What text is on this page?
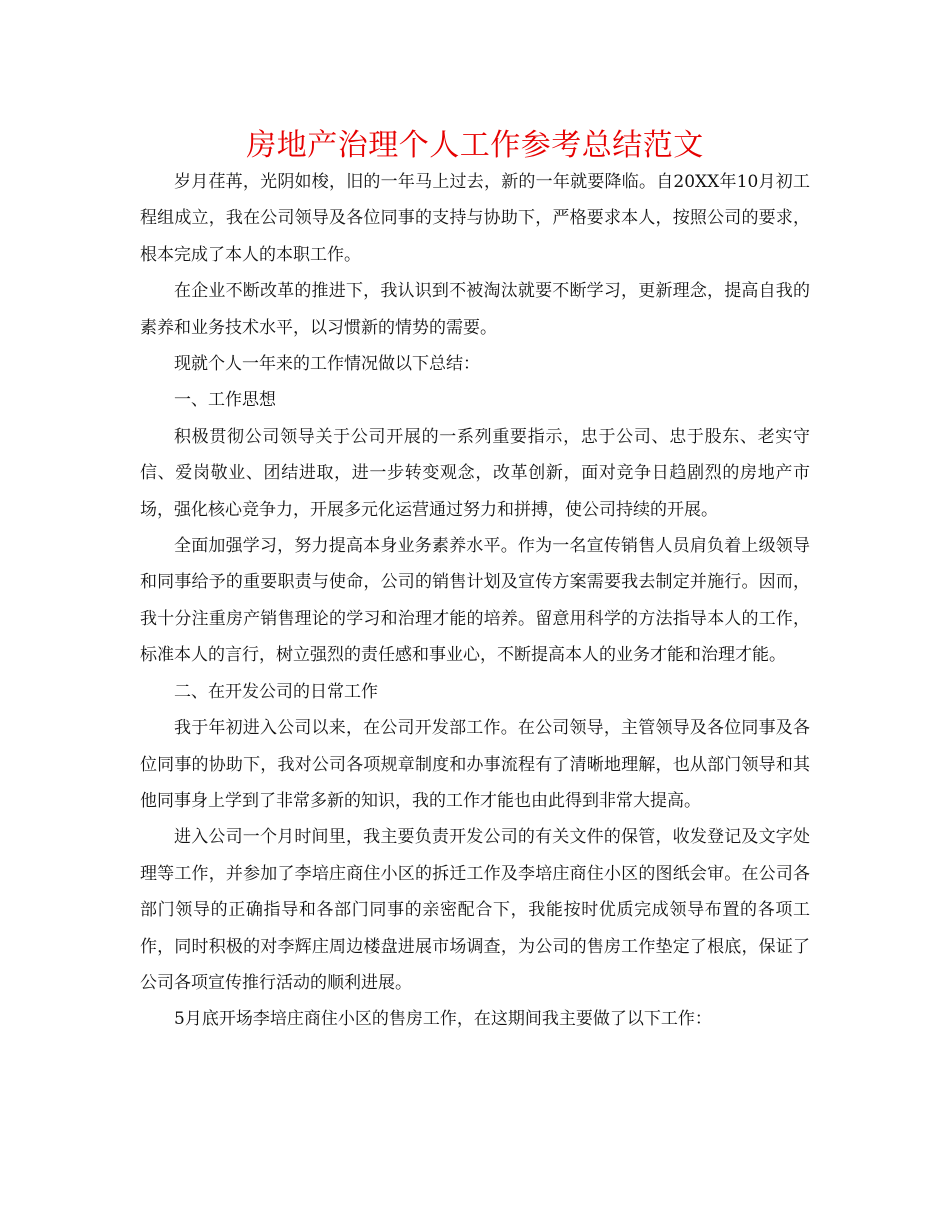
房地产治理个人工作参考总结范文

岁月荏苒，光阴如梭，旧的一年马上过去，新的一年就要降临。自20XX年10月初工程组成立，我在公司领导及各位同事的支持与协助下，严格要求本人，按照公司的要求，根本完成了本人的本职工作。

在企业不断改革的推进下，我认识到不被淘汰就要不断学习，更新理念，提高自我的素养和业务技术水平，以习惯新的情势的需要。

现就个人一年来的工作情况做以下总结：

一、工作思想

积极贯彻公司领导关于公司开展的一系列重要指示，忠于公司、忠于股东、老实守信、爱岗敬业、团结进取，进一步转变观念，改革创新，面对竞争日趋剧烈的房地产市场，强化核心竞争力，开展多元化运营通过努力和拼搏，使公司持续的开展。

全面加强学习，努力提高本身业务素养水平。作为一名宣传销售人员肩负着上级领导和同事给予的重要职责与使命，公司的销售计划及宣传方案需要我去制定并施行。因而，我十分注重房产销售理论的学习和治理才能的培养。留意用科学的方法指导本人的工作，标准本人的言行，树立强烈的责任感和事业心，不断提高本人的业务才能和治理才能。

二、在开发公司的日常工作

我于年初进入公司以来，在公司开发部工作。在公司领导，主管领导及各位同事及各位同事的协助下，我对公司各项规章制度和办事流程有了清晰地理解，也从部门领导和其他同事身上学到了非常多新的知识，我的工作才能也由此得到非常大提高。

进入公司一个月时间里，我主要负责开发公司的有关文件的保管，收发登记及文字处理等工作，并参加了李培庄商住小区的拆迁工作及李培庄商住小区的图纸会审。在公司各部门领导的正确指导和各部门同事的亲密配合下，我能按时优质完成领导布置的各项工作，同时积极的对李辉庄周边楼盘进展市场调查，为公司的售房工作垫定了根底，保证了公司各项宣传推行活动的顺利进展。

5月底开场李培庄商住小区的售房工作，在这期间我主要做了以下工作：
